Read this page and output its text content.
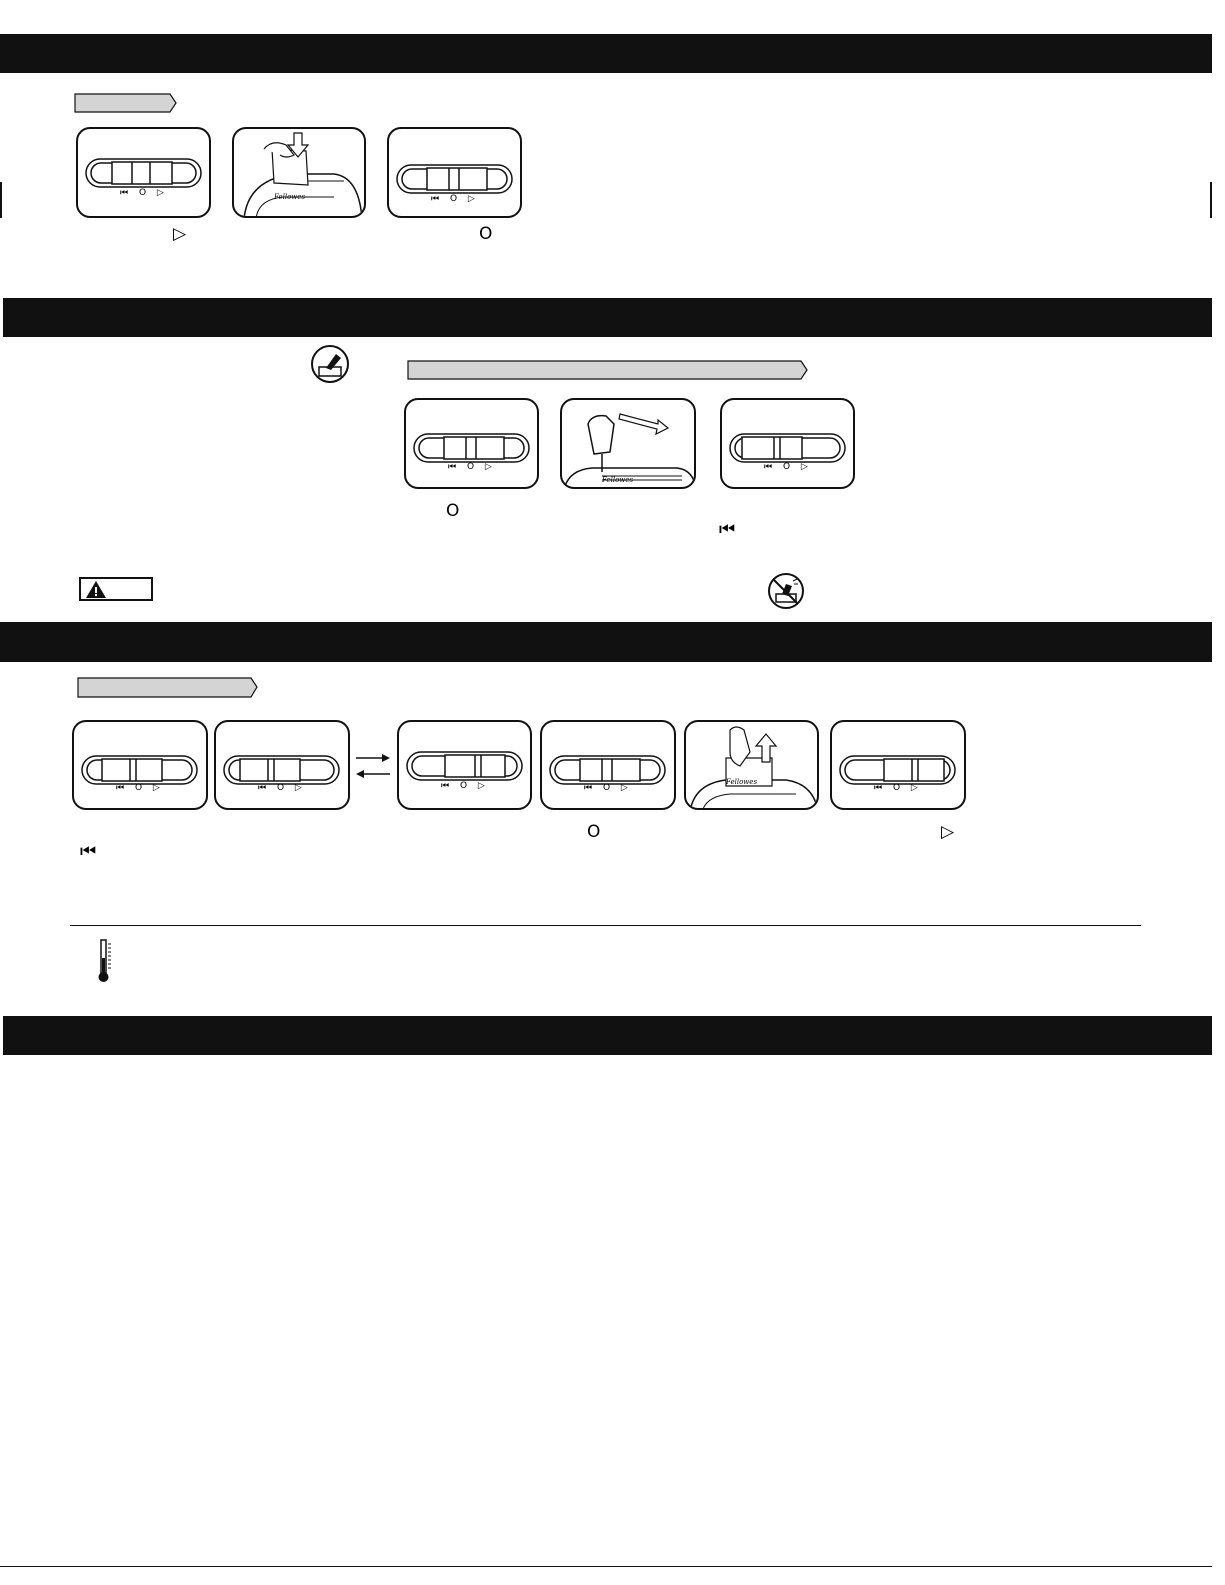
⏮ O ▷	Fellowes	⏮ O ▷
▷	O
⏮ O ▷
Fellowes
⏮ O ▷
O
⏮
⏮ O ▷	⏮ O ▷	⏮ O ▷	⏮ O ▷
Fellowes
⏮ O ▷
O	▷
⏮
